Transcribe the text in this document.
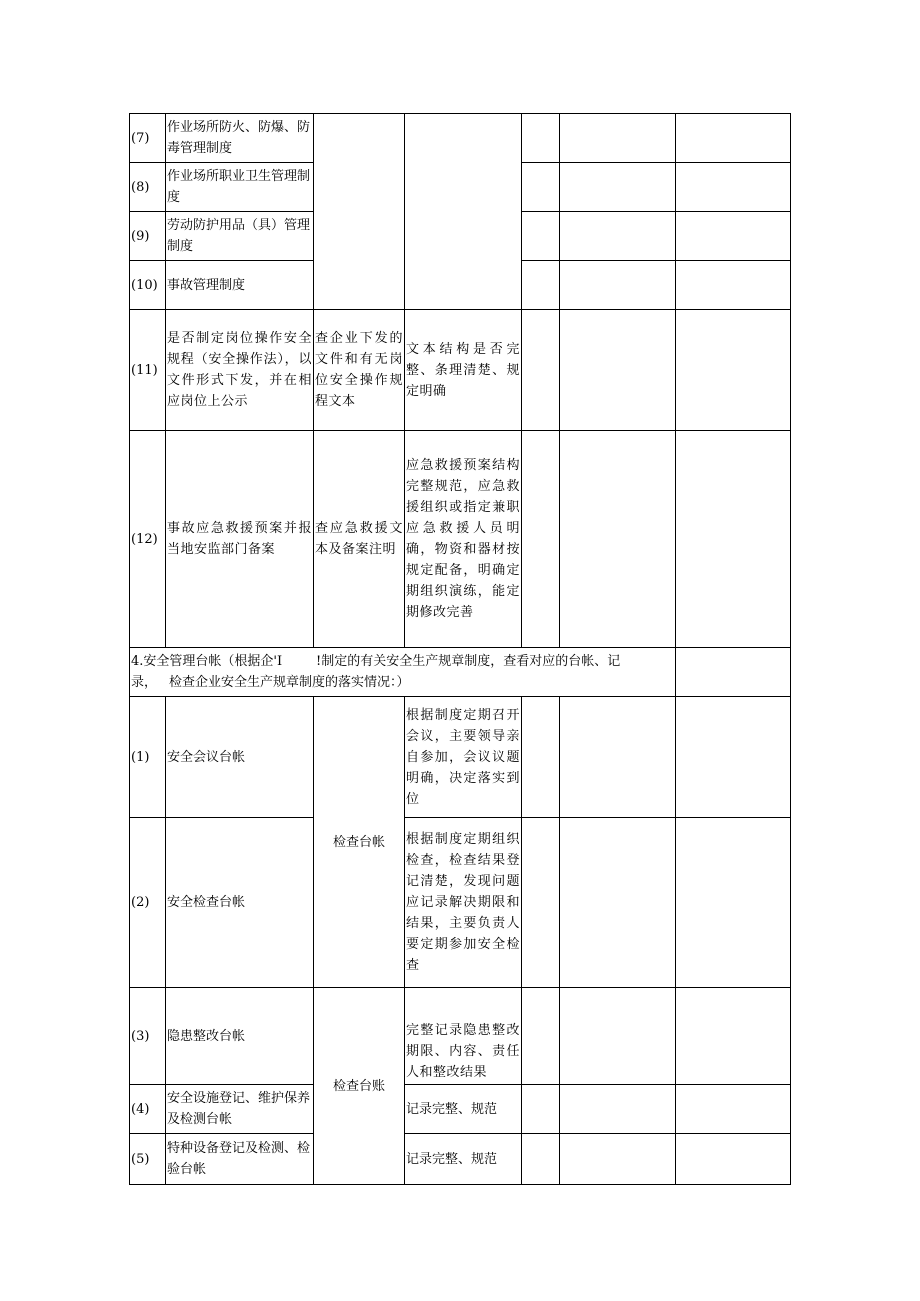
(7)	作业场所防火、防爆、防毒管理制度					
(8)	作业场所职业卫生管理制度					
(9)	劳动防护用品（具）管理制度					
(10)	事故管理制度					
(11)	是否制定岗位操作安全规程（安全操作法），以文件形式下发，并在相应岗位上公示	查企业下发的文件和有无岗位安全操作规程文本	文本结构是否完整、条理清楚、规定明确			
(12)	事故应急救援预案并报当地安监部门备案	查应急救援文本及备案注明	应急救援预案结构完整规范，应急救援组织或指定兼职应急救援人员明确，物资和器材按规定配备，明确定期组织演练，能定期修改完善			

4.安全管理台帐（根据企'I !制定的有关安全生产规章制度，查看对应的台帐、记
录， 检查企业安全生产规章制度的落实情况：）						

(1)	安全会议台帐	检查台帐	根据制度定期召开会议，主要领导亲自参加，会议议题明确，决定落实到位			
(2)	安全检查台帐		根据制度定期组织检查，检查结果登记清楚，发现问题应记录解决期限和结果，主要负责人要定期参加安全检查			
(3)	隐患整改台帐	检查台账	完整记录隐患整改期限、内容、责任人和整改结果			
(4)	安全设施登记、维护保养及检测台帐		记录完整、规范			
(5)	特种设备登记及检测、检验台帐		记录完整、规范			
